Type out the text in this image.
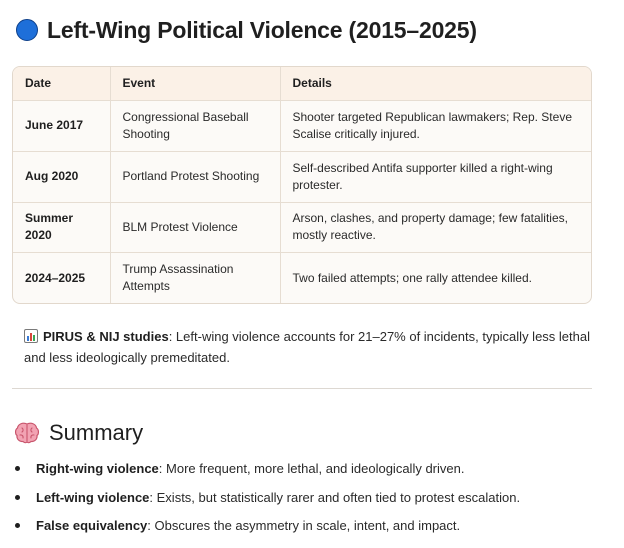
Left-Wing Political Violence (2015–2025)
Date	Event	Details
June 2017	Congressional Baseball Shooting	Shooter targeted Republican lawmakers; Rep. Steve Scalise critically injured.
Aug 2020	Portland Protest Shooting	Self-described Antifa supporter killed a right-wing protester.
Summer 2020	BLM Protest Violence	Arson, clashes, and property damage; few fatalities, mostly reactive.
2024–2025	Trump Assassination Attempts	Two failed attempts; one rally attendee killed.
PIRUS & NIJ studies: Left-wing violence accounts for 21–27% of incidents, typically less lethal and less ideologically premeditated.
Summary
Right-wing violence: More frequent, more lethal, and ideologically driven.
Left-wing violence: Exists, but statistically rarer and often tied to protest escalation.
False equivalency: Obscures the asymmetry in scale, intent, and impact.
